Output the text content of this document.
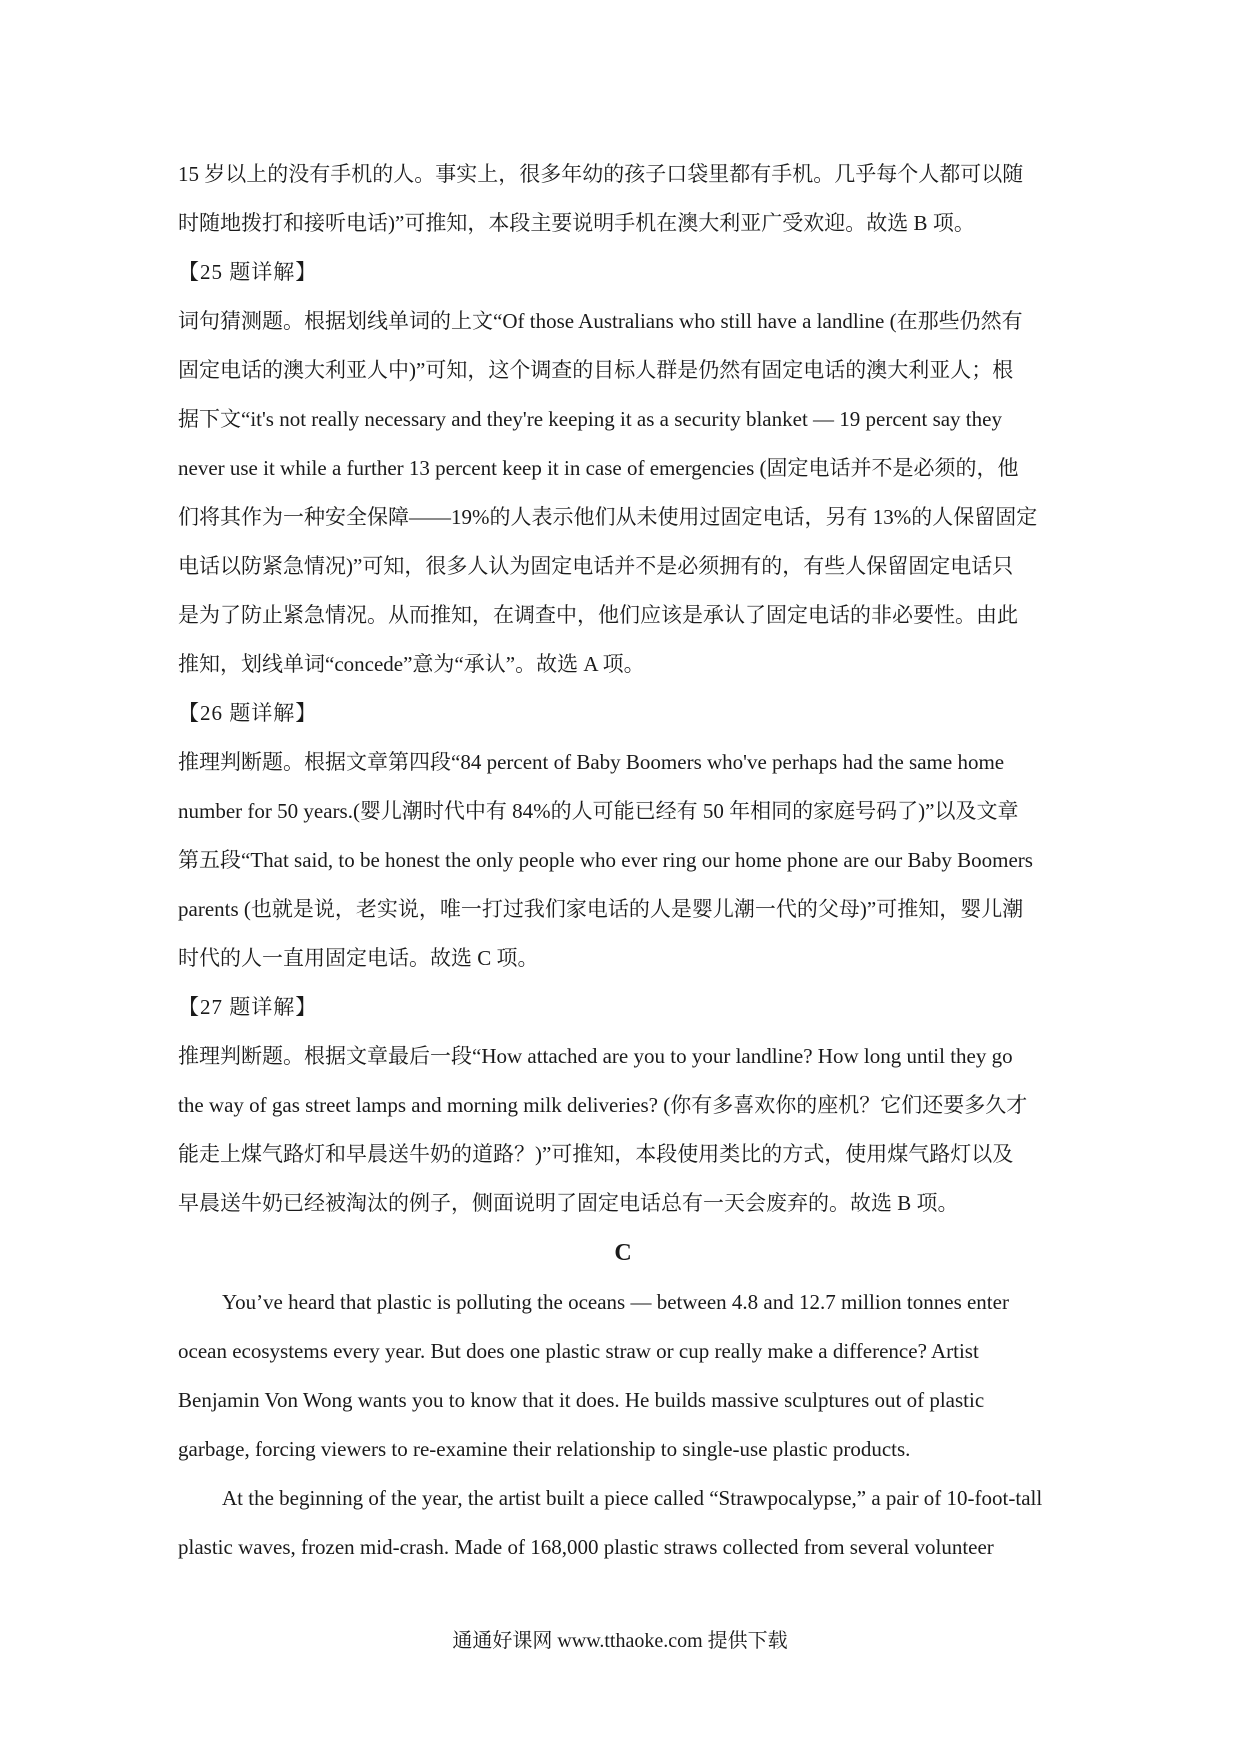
15 岁以上的没有手机的人。事实上，很多年幼的孩子口袋里都有手机。几乎每个人都可以随

时随地拨打和接听电话)”可推知，本段主要说明手机在澳大利亚广受欢迎。故选 B 项。

【25 题详解】

词句猜测题。根据划线单词的上文“Of those Australians who still have a landline (在那些仍然有

固定电话的澳大利亚人中)”可知，这个调查的目标人群是仍然有固定电话的澳大利亚人；根

据下文“it's not really necessary and they're keeping it as a security blanket — 19 percent say they

never use it while a further 13 percent keep it in case of emergencies (固定电话并不是必须的，他

们将其作为一种安全保障——19%的人表示他们从未使用过固定电话，另有 13%的人保留固定

电话以防紧急情况)”可知，很多人认为固定电话并不是必须拥有的，有些人保留固定电话只

是为了防止紧急情况。从而推知，在调查中，他们应该是承认了固定电话的非必要性。由此

推知，划线单词“concede”意为“承认”。故选 A 项。

【26 题详解】

推理判断题。根据文章第四段“84 percent of Baby Boomers who've perhaps had the same home

number for 50 years.(婴儿潮时代中有 84%的人可能已经有 50 年相同的家庭号码了)”以及文章

第五段“That said, to be honest the only people who ever ring our home phone are our Baby Boomers

parents (也就是说，老实说，唯一打过我们家电话的人是婴儿潮一代的父母)”可推知，婴儿潮

时代的人一直用固定电话。故选 C 项。

【27 题详解】

推理判断题。根据文章最后一段“How attached are you to your landline? How long until they go

the way of gas street lamps and morning milk deliveries? (你有多喜欢你的座机？它们还要多久才

能走上煤气路灯和早晨送牛奶的道路？)”可推知，本段使用类比的方式，使用煤气路灯以及

早晨送牛奶已经被淘汰的例子，侧面说明了固定电话总有一天会废弃的。故选 B 项。

C

You’ve heard that plastic is polluting the oceans — between 4.8 and 12.7 million tonnes enter

ocean ecosystems every year. But does one plastic straw or cup really make a difference? Artist

Benjamin Von Wong wants you to know that it does. He builds massive sculptures out of plastic

garbage, forcing viewers to re-examine their relationship to single-use plastic products.

At the beginning of the year, the artist built a piece called “Strawpocalypse,” a pair of 10-foot-tall

plastic waves, frozen mid-crash. Made of 168,000 plastic straws collected from several volunteer

通通好课网 www.tthaoke.com 提供下载
